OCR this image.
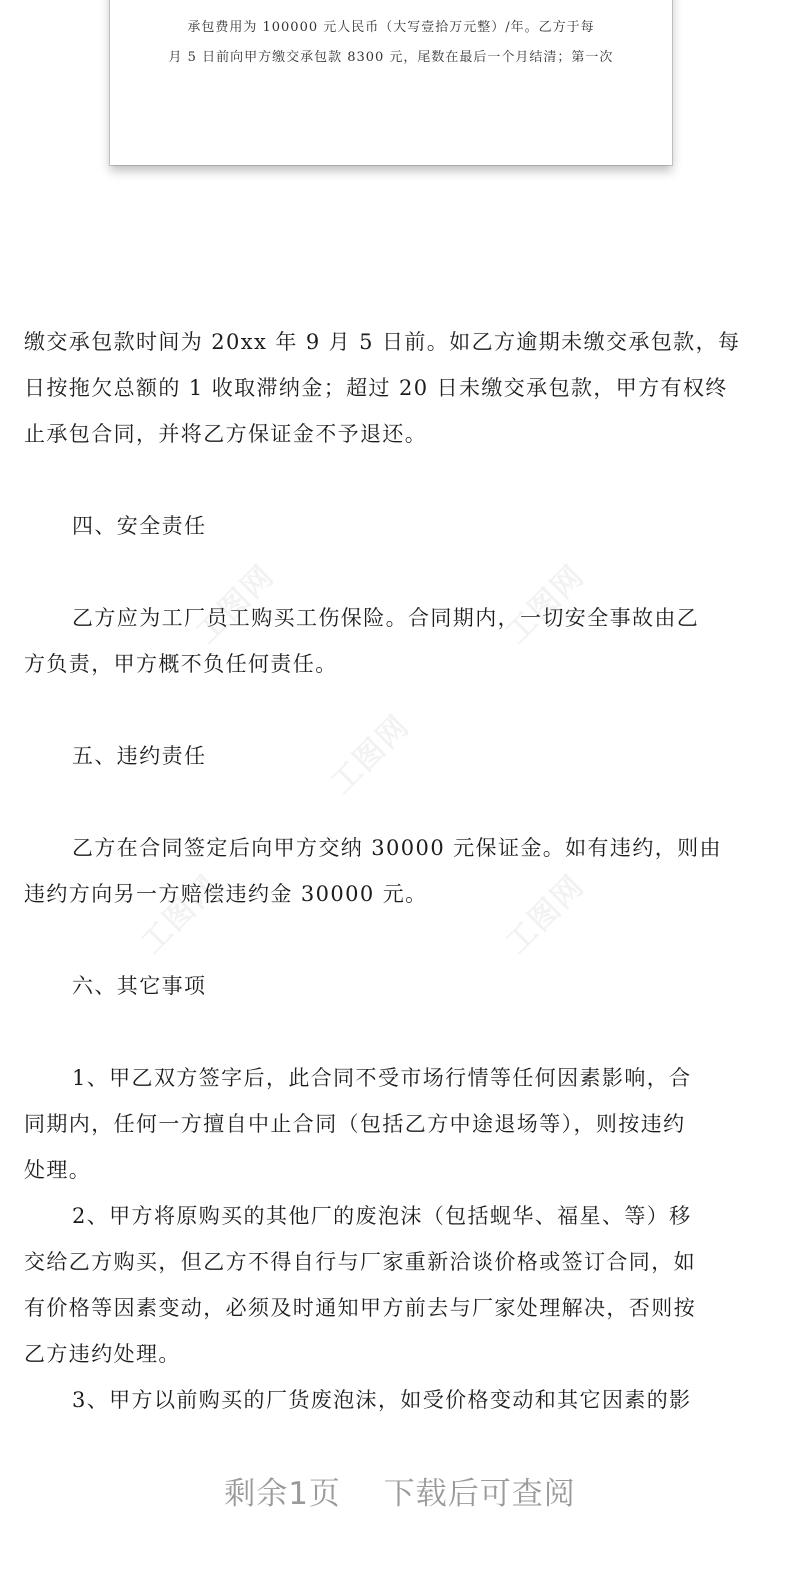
承包费用为 100000 元人民币（大写壹拾万元整）/年。乙方于每
月 5 日前向甲方缴交承包款 8300 元，尾数在最后一个月结清；第一次
工图网	工图网
工图网
工图网	工图网
缴交承包款时间为 20xx 年 9 月 5 日前。如乙方逾期未缴交承包款，每
日按拖欠总额的 1 收取滞纳金；超过 20 日未缴交承包款，甲方有权终
止承包合同，并将乙方保证金不予退还。
四、安全责任
乙方应为工厂员工购买工伤保险。合同期内，一切安全事故由乙
方负责，甲方概不负任何责任。
五、违约责任
乙方在合同签定后向甲方交纳 30000 元保证金。如有违约，则由
违约方向另一方赔偿违约金 30000 元。
六、其它事项
1、甲乙双方签字后，此合同不受市场行情等任何因素影响，合
同期内，任何一方擅自中止合同（包括乙方中途退场等），则按违约
处理。
2、甲方将原购买的其他厂的废泡沫（包括蚬华、福星、等）移
交给乙方购买，但乙方不得自行与厂家重新洽谈价格或签订合同，如
有价格等因素变动，必须及时通知甲方前去与厂家处理解决，否则按
乙方违约处理。
3、甲方以前购买的厂货废泡沫，如受价格变动和其它因素的影
剩余1页 下载后可查阅
